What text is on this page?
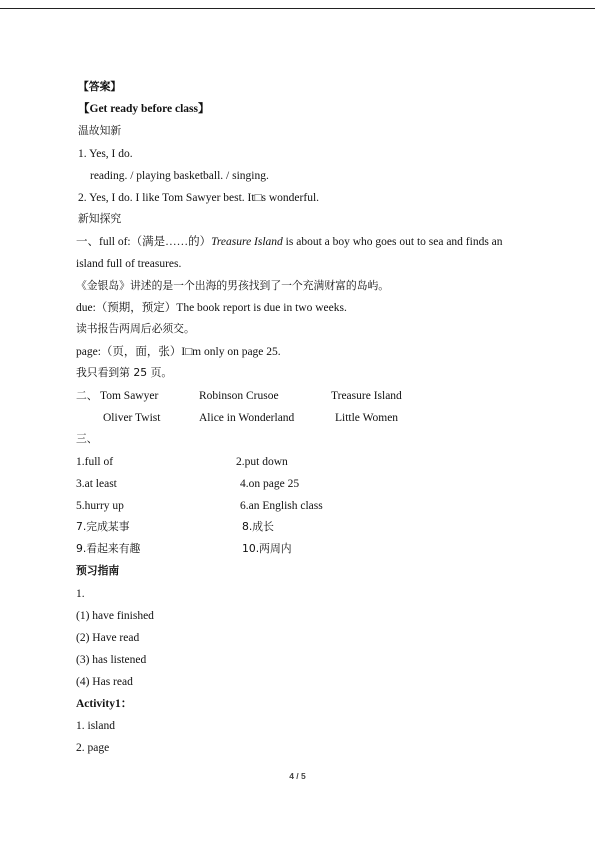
【答案】
【Get ready before class】
温故知新
1. Yes, I do.
reading. / playing basketball. / singing.
2. Yes, I do. I like Tom Sawyer best. It□s wonderful.
新知探究
一、full of:（满是……的）Treasure Island is about a boy who goes out to sea and finds an
island full of treasures.
《金银岛》讲述的是一个出海的男孩找到了一个充满财富的岛屿。
due:（预期，预定）The book report is due in two weeks.
读书报告两周后必须交。
page:（页，面，张）I□m only on page 25.
我只看到第 25 页。
二、 Tom Sawyer	Robinson Crusoe	Treasure Island
Oliver Twist	Alice in Wonderland	Little Women
三、
1.full of	2.put down
3.at least	4.on page 25
5.hurry up	6.an English class
7.完成某事	8.成长
9.看起来有趣	10.两周内
预习指南
1.
(1) have finished
(2) Have read
(3) has listened
(4) Has read
Activity1：
1. island
2. page
4 / 5
